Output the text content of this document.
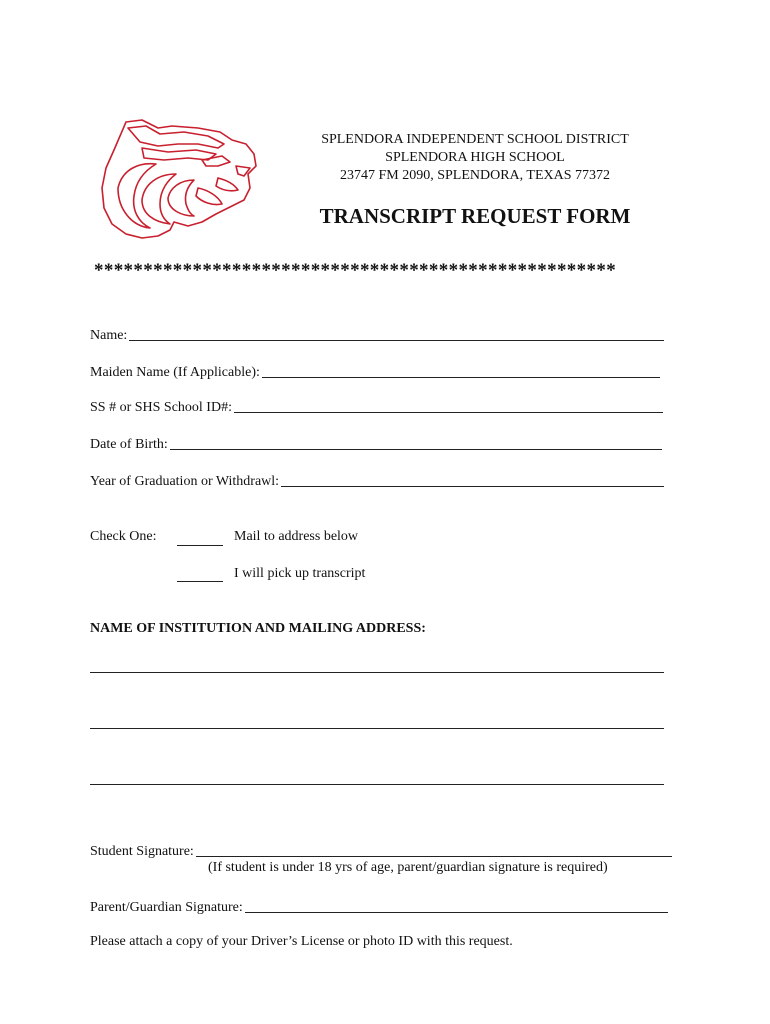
SPLENDORA INDEPENDENT SCHOOL DISTRICT
SPLENDORA HIGH SCHOOL
23747 FM 2090, SPLENDORA, TEXAS 77372
TRANSCRIPT REQUEST FORM
*****************************************************
Name:
Maiden Name (If Applicable):
SS # or SHS School ID#:
Date of Birth:
Year of Graduation or Withdrawl:
Check One:	Mail to address below
I will pick up transcript
NAME OF INSTITUTION AND MAILING ADDRESS:
Student Signature:
(If student is under 18 yrs of age, parent/guardian signature is required)
Parent/Guardian Signature:
Please attach a copy of your Driver’s License or photo ID with this request.
